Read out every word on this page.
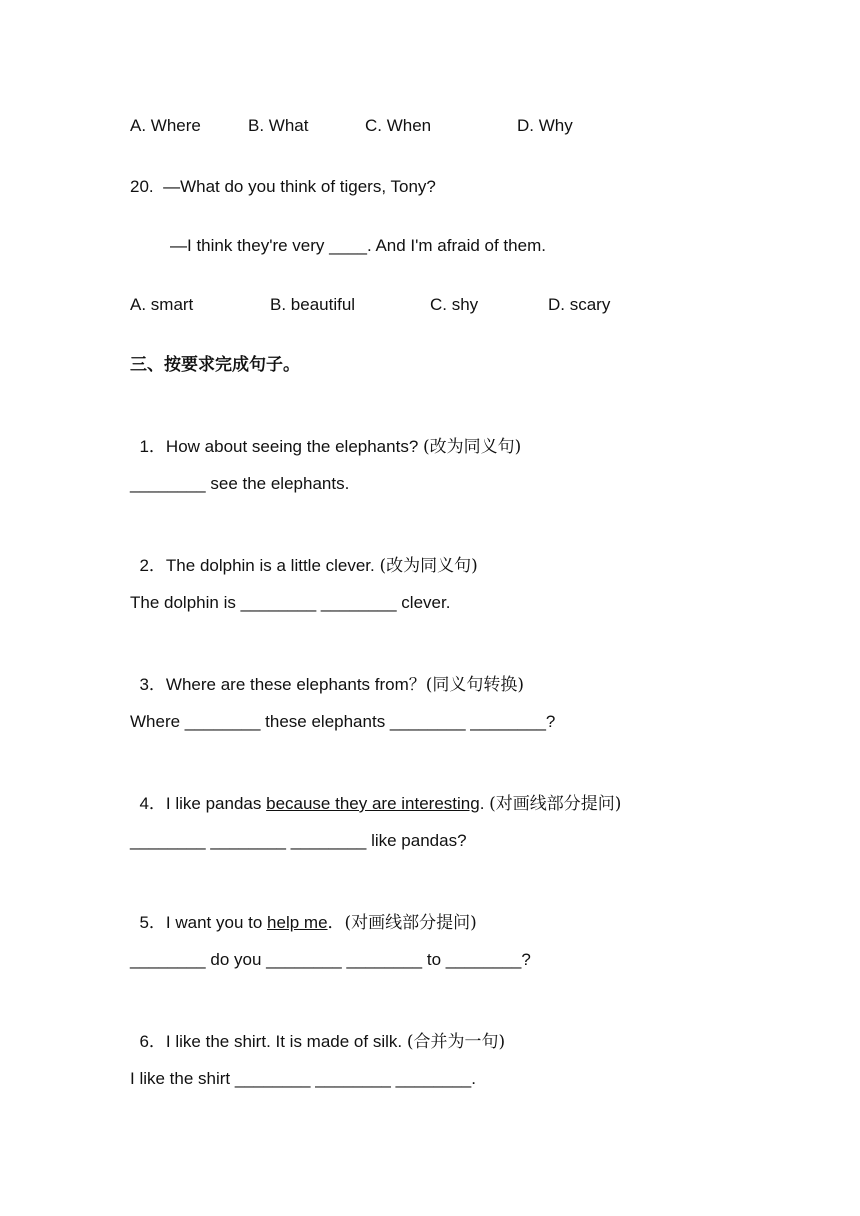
A. Where	B. What	C. When	D. Why
20.  —What do you think of tigers, Tony?
—I think they're very ____. And I'm afraid of them.
A. smart	B. beautiful	C. shy	D. scary
三、按要求完成句子。

1．How about seeing the elephants? (改为同义句)

________ see the elephants.

2．The dolphin is a little clever. (改为同义句)

The dolphin is ________ ________ clever.

3．Where are these elephants from？(同义句转换)

Where ________ these elephants ________ ________?

4．I like pandas because they are interesting. (对画线部分提问)

________ ________ ________ like pandas?

5．I want you to help me．(对画线部分提问)

________ do you ________ ________ to ________?

6．I like the shirt. It is made of silk. (合并为一句)

I like the shirt ________ ________ ________.
